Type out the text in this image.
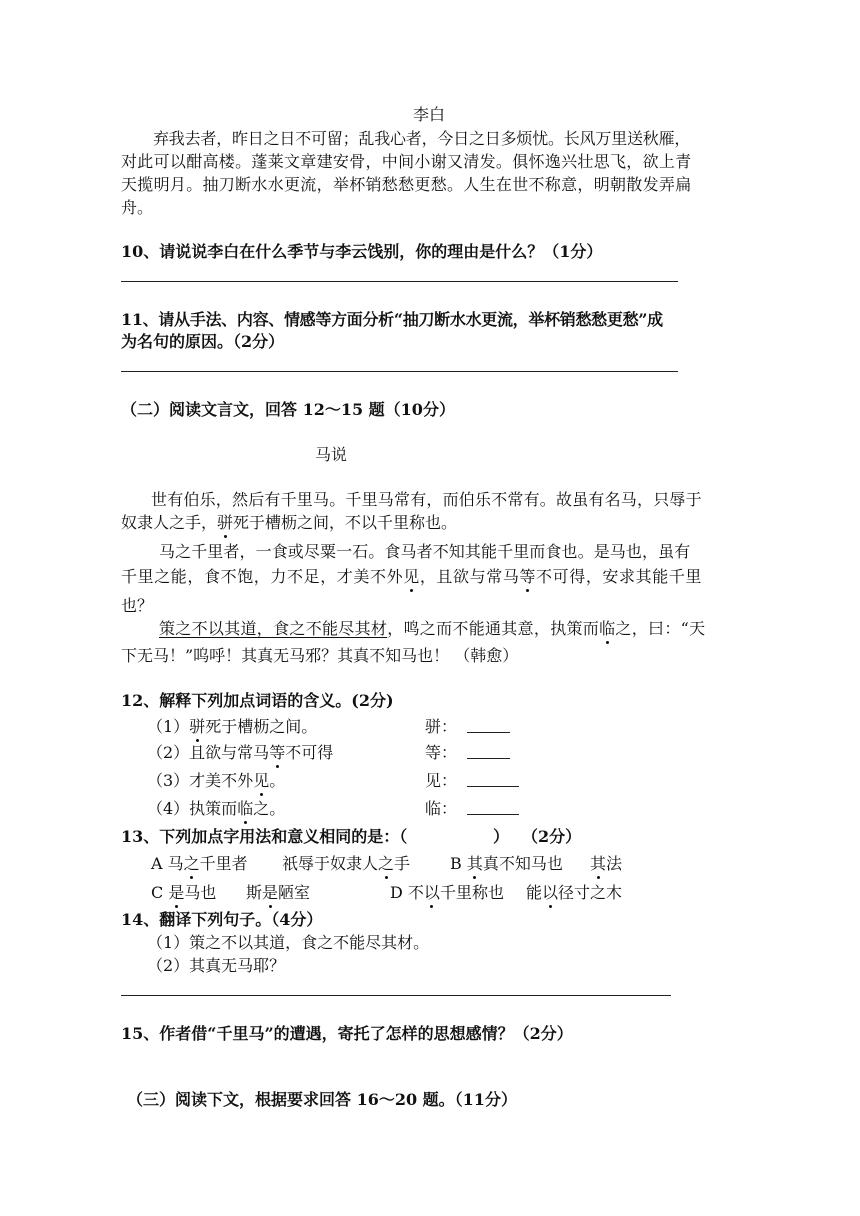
李白
弃我去者，昨日之日不可留；乱我心者，今日之日多烦忧。长风万里送秋雁，
对此可以酣高楼。蓬莱文章建安骨，中间小谢又清发。俱怀逸兴壮思飞，欲上青
天揽明月。抽刀断水水更流，举杯销愁愁更愁。人生在世不称意，明朝散发弄扁
舟。
10、请说说李白在什么季节与李云饯别，你的理由是什么？（1分）
11、请从手法、内容、情感等方面分析“抽刀断水水更流，举杯销愁愁更愁”成
为名句的原因。（2分）
（二）阅读文言文，回答 12～15 题（10分）
马说
世有伯乐，然后有千里马。千里马常有，而伯乐不常有。故虽有名马，只辱于
奴隶人之手，骈死于槽枥之间，不以千里称也。
马之千里者，一食或尽粟一石。食马者不知其能千里而食也。是马也，虽有
千里之能，食不饱，力不足，才美不外见，且欲与常马等不可得，安求其能千里
也？
策之不以其道，食之不能尽其材，鸣之而不能通其意，执策而临之，曰：“天
下无马！”呜呼！其真无马邪？其真不知马也！ （韩愈）
12、解释下列加点词语的含义。(2分)
（1）骈死于槽枥之间。	骈：
（2）且欲与常马等不可得	等：
（3）才美不外见。	见：
（4）执策而临之。	临：
13、下列加点字用法和意义相同的是：（	） （2分）
A 马之千里者 祇辱于奴隶人之手 B 其真不知马也 其法
C 是马也 斯是陋室	D 不以千里称也 能以径寸之木
14、翻译下列句子。（4分）
（1）策之不以其道，食之不能尽其材。
（2）其真无马耶？
15、作者借“千里马”的遭遇，寄托了怎样的思想感情？（2分）
（三）阅读下文，根据要求回答 16～20 题。（11分）
